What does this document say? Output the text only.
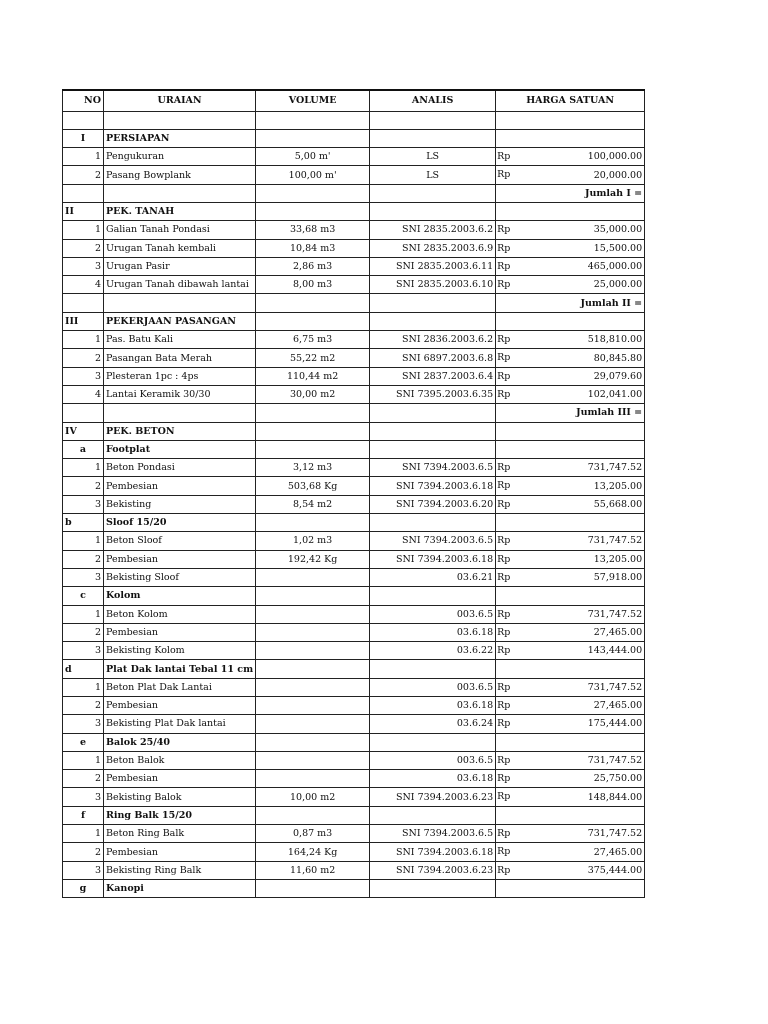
NO	URAIAN	VOLUME	ANALIS	HARGA SATUAN

I	PERSIAPAN			
1	Pengukuran	5,00 m'	LS	Rp 100,000.00

2	Pasang Bowplank	100,00 m'	LS	Rp 20,000.00

				Jumlah I =
II	PEK. TANAH			
1	Galian Tanah Pondasi	33,68 m3	SNI 2835.2003.6.2	Rp 35,000.00

2	Urugan Tanah kembali	10,84 m3	SNI 2835.2003.6.9	Rp 15,500.00

3	Urugan Pasir	2,86 m3	SNI 2835.2003.6.11	Rp 465,000.00

4	Urugan Tanah dibawah lantai	8,00 m3	SNI 2835.2003.6.10	Rp 25,000.00

				Jumlah II =
III	PEKERJAAN PASANGAN			
1	Pas. Batu Kali	6,75 m3	SNI 2836.2003.6.2	Rp 518,810.00

2	Pasangan Bata Merah	55,22 m2	SNI 6897.2003.6.8	Rp 80,845.80

3	Plesteran 1pc : 4ps	110,44 m2	SNI 2837.2003.6.4	Rp 29,079.60

4	Lantai Keramik 30/30	30,00 m2	SNI 7395.2003.6.35	Rp 102,041.00

				Jumlah III =
IV	PEK. BETON			
a	Footplat			
1	Beton Pondasi	3,12 m3	SNI 7394.2003.6.5	Rp 731,747.52

2	Pembesian	503,68 Kg	SNI 7394.2003.6.18	Rp 13,205.00

3	Bekisting	8,54 m2	SNI 7394.2003.6.20	Rp 55,668.00

b	Sloof 15/20			
1	Beton Sloof	1,02 m3	SNI 7394.2003.6.5	Rp 731,747.52

2	Pembesian	192,42 Kg	SNI 7394.2003.6.18	Rp 13,205.00

3	Bekisting Sloof		03.6.21	Rp 57,918.00

c	Kolom			
1	Beton Kolom		003.6.5	Rp 731,747.52

2	Pembesian		03.6.18	Rp 27,465.00

3	Bekisting Kolom		03.6.22	Rp 143,444.00

d	Plat Dak lantai Tebal 11 cm			
1	Beton Plat Dak Lantai		003.6.5	Rp 731,747.52

2	Pembesian		03.6.18	Rp 27,465.00

3	Bekisting Plat Dak lantai		03.6.24	Rp 175,444.00

e	Balok 25/40			
1	Beton Balok		003.6.5	Rp 731,747.52

2	Pembesian		03.6.18	Rp 25,750.00

3	Bekisting Balok	10,00 m2	SNI 7394.2003.6.23	Rp 148,844.00

f	Ring Balk 15/20			
1	Beton Ring Balk	0,87 m3	SNI 7394.2003.6.5	Rp 731,747.52

2	Pembesian	164,24 Kg	SNI 7394.2003.6.18	Rp 27,465.00

3	Bekisting Ring Balk	11,60 m2	SNI 7394.2003.6.23	Rp 375,444.00

g	Kanopi			
